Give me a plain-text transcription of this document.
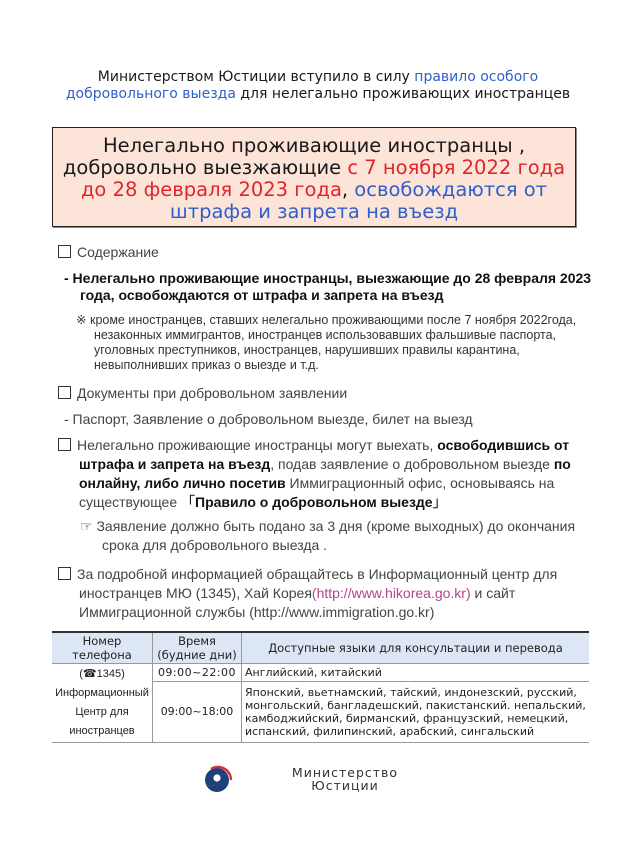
Министерством Юстиции вступило в силу правило особого добровольного выезда для нелегально проживающих иностранцев
Нелегально проживающие иностранцы , добровольно выезжающие с 7 ноября 2022 года до 28 февраля 2023 года, освобождаются от штрафа и запрета на въезд
Содержание
- Нелегально проживающие иностранцы, выезжающие до 28 февраля 2023 года, освобождаются от штрафа и запрета на въезд
※ кроме иностранцев, ставших нелегально проживающими после 7 ноября 2022года, незаконных иммигрантов, иностранцев использовавших фальшивые паспорта, уголовных преступников, иностранцев, нарушивших правилы карантина, невыполнивших приказ о выезде и т.д.
Документы при добровольном заявлении
- Паспорт, Заявление о добровольном выезде, билет на выезд
Нелегально проживающие иностранцы могут выехать, освободившись от штрафа и запрета на въезд, подав заявление о добровольном выезде по онлайну, либо лично посетив Иммиграционный офис, основываясь на существующее 「Правило о добровольном выезде」
☞ Заявление должно быть подано за 3 дня (кроме выходных) до окончания срока для добровольного выезда .
За подробной информацией обращайтесь в Информационный центр для иностранцев МЮ (1345), Хай Корея(http://www.hikorea.go.kr) и сайт Иммиграционной службы (http://www.immigration.go.kr)
Номер телефона	Время (будние дни)	Доступные языки для консультации и перевода

(☎1345)
Информационный Центр для иностранцев	09:00~22:00	Английский, китайский
	09:00~18:00	Японский, вьетнамский, тайский, индонезский, русский, монгольский, бангладешский, пакистанский. непальский, камбоджийский, бирманский, французский, немецкий, испанский, филипинский, арабский, сингальский
Министерство Юстиции
